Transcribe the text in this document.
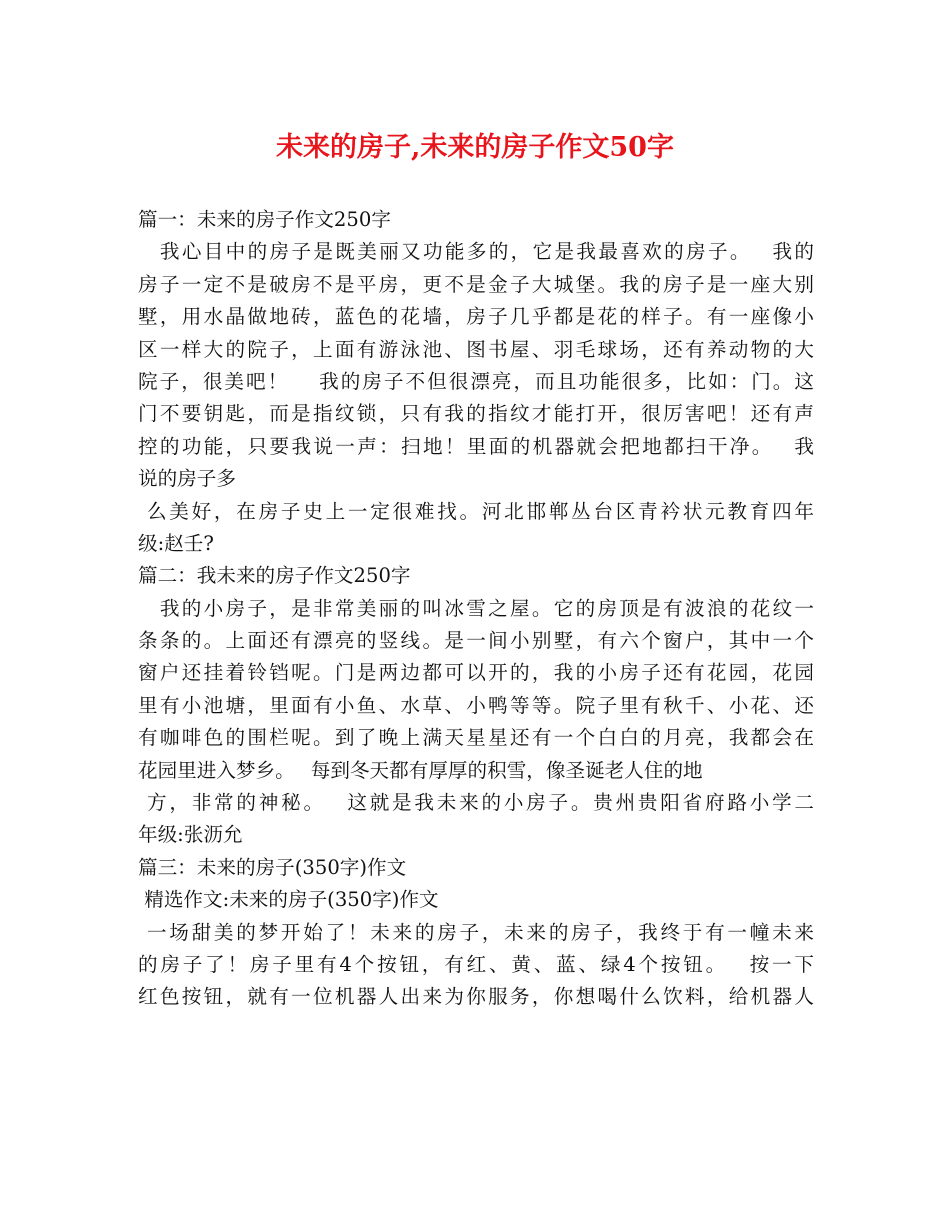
未来的房子,未来的房子作文50字
篇一：未来的房子作文250字
　我心目中的房子是既美丽又功能多的，它是我最喜欢的房子。　 我的
房子一定不是破房不是平房，更不是金子大城堡。我的房子是一座大别
墅，用水晶做地砖，蓝色的花墙，房子几乎都是花的样子。有一座像小
区一样大的院子，上面有游泳池、图书屋、羽毛球场，还有养动物的大
院子，很美吧！　 我的房子不但很漂亮，而且功能很多，比如：门。这
门不要钥匙，而是指纹锁，只有我的指纹才能打开，很厉害吧！还有声
控的功能，只要我说一声：扫地！里面的机器就会把地都扫干净。　 我
说的房子多
么美好，在房子史上一定很难找。河北邯郸丛台区青衿状元教育四年
级:赵壬?
篇二：我未来的房子作文250字
　我的小房子，是非常美丽的叫冰雪之屋。它的房顶是有波浪的花纹一
条条的。上面还有漂亮的竖线。是一间小别墅，有六个窗户，其中一个
窗户还挂着铃铛呢。门是两边都可以开的，我的小房子还有花园，花园
里有小池塘，里面有小鱼、水草、小鸭等等。院子里有秋千、小花、还
有咖啡色的围栏呢。到了晚上满天星星还有一个白白的月亮，我都会在
花园里进入梦乡。　 每到冬天都有厚厚的积雪，像圣诞老人住的地
方，非常的神秘。　 这就是我未来的小房子。贵州贵阳省府路小学二
年级:张沥允
篇三：未来的房子(350字)作文
精选作文:未来的房子(350字)作文
一场甜美的梦开始了！未来的房子，未来的房子，我终于有一幢未来
的房子了！房子里有4个按钮，有红、黄、蓝、绿4个按钮。　 按一下
红色按钮，就有一位机器人出来为你服务，你想喝什么饮料，给机器人
